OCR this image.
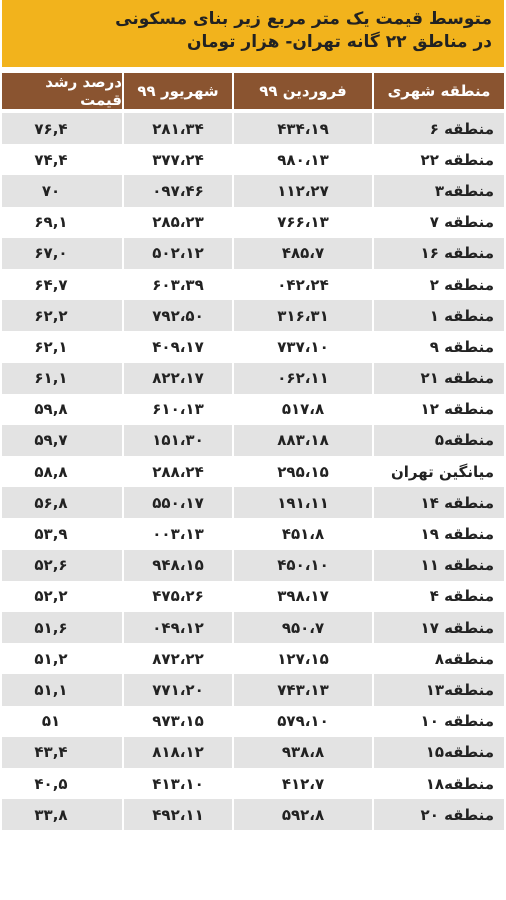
متوسط قیمت یک متر مربع زیر بنای مسکونی
در مناطق ۲۲ گانه تهران- هزار تومان
منطقه شهری
فروردین ۹۹
شهریور ۹۹
درصد رشد قیمت
منطقه ۶
۴۳۴،۱۹
۲۸۱،۳۴
۷۶,۴
منطقه ۲۲
۹۸۰،۱۳
۳۷۷،۲۴
۷۴,۴
منطقه۳
۱۱۲،۲۷
۰۹۷،۴۶
۷۰
منطقه ۷
۷۶۶،۱۳
۲۸۵،۲۳
۶۹,۱
منطقه ۱۶
۴۸۵،۷
۵۰۲،۱۲
۶۷,۰
منطقه ۲
۰۴۲،۲۴
۶۰۳،۳۹
۶۴,۷
منطقه ۱
۳۱۶،۳۱
۷۹۲،۵۰
۶۲,۲
منطقه ۹
۷۳۷،۱۰
۴۰۹،۱۷
۶۲,۱
منطقه ۲۱
۰۶۲،۱۱
۸۲۲،۱۷
۶۱,۱
منطقه ۱۲
۵۱۷،۸
۶۱۰،۱۳
۵۹,۸
منطقه۵
۸۸۳،۱۸
۱۵۱،۳۰
۵۹,۷
میانگین تهران
۲۹۵،۱۵
۲۸۸،۲۴
۵۸,۸
منطقه ۱۴
۱۹۱،۱۱
۵۵۰،۱۷
۵۶,۸
منطقه ۱۹
۴۵۱،۸
۰۰۳،۱۳
۵۳,۹
منطقه ۱۱
۴۵۰،۱۰
۹۴۸،۱۵
۵۲,۶
منطقه ۴
۳۹۸،۱۷
۴۷۵،۲۶
۵۲,۲
منطقه ۱۷
۹۵۰،۷
۰۴۹،۱۲
۵۱,۶
منطقه۸
۱۲۷،۱۵
۸۷۲،۲۲
۵۱,۲
منطقه۱۳
۷۴۳،۱۳
۷۷۱،۲۰
۵۱,۱
منطقه ۱۰
۵۷۹،۱۰
۹۷۳،۱۵
۵۱
منطقه۱۵
۹۳۸،۸
۸۱۸،۱۲
۴۳,۴
منطقه۱۸
۴۱۲،۷
۴۱۳،۱۰
۴۰,۵
منطقه ۲۰
۵۹۲،۸
۴۹۲،۱۱
۳۳,۸
